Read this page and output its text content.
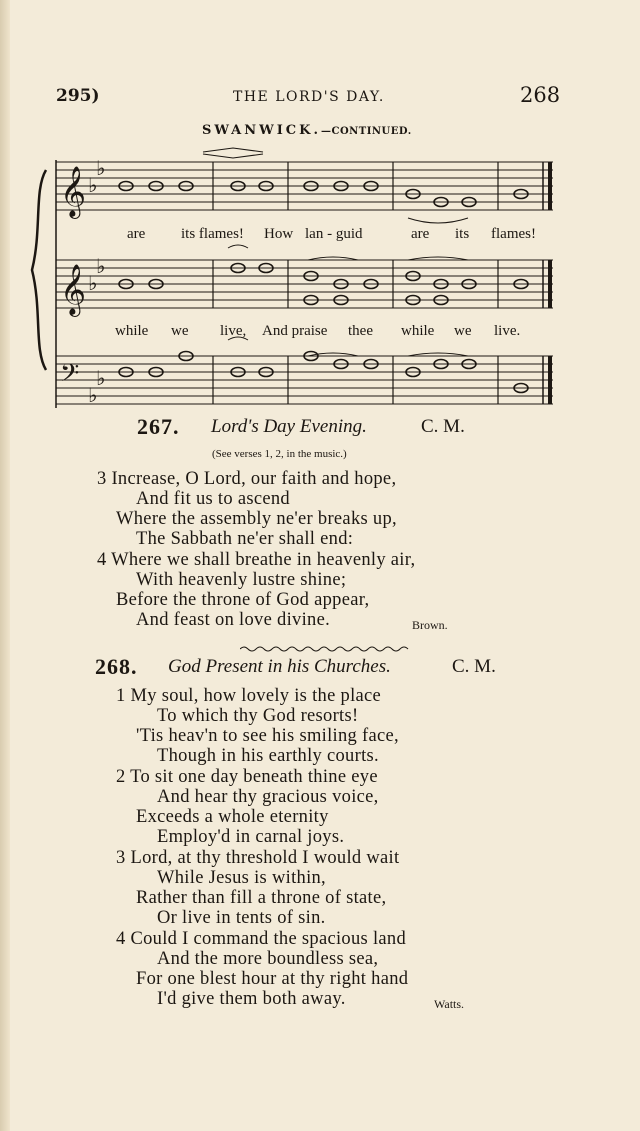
295)	THE LORD'S DAY.	268
SWANWICK.—CONTINUED.
𝄞
𝄞
𝄢
♭
♭
♭
♭
♭
♭
are its flames! How lan - guid	are its flames!
while we live, And praise thee while we live.
267. Lord's Day Evening.	C. M.
(See verses 1, 2, in the music.)
3 Increase, O Lord, our faith and hope,
And fit us to ascend
Where the assembly ne'er breaks up,
The Sabbath ne'er shall end:
4 Where we shall breathe in heavenly air,
With heavenly lustre shine;
Before the throne of God appear,
And feast on love divine.	Brown.
268. God Present in his Churches.	C. M.
1 My soul, how lovely is the place
To which thy God resorts!
'Tis heav'n to see his smiling face,
Though in his earthly courts.
2 To sit one day beneath thine eye
And hear thy gracious voice,
Exceeds a whole eternity
Employ'd in carnal joys.
3 Lord, at thy threshold I would wait
While Jesus is within,
Rather than fill a throne of state,
Or live in tents of sin.
4 Could I command the spacious land
And the more boundless sea,
For one blest hour at thy right hand
I'd give them both away.	Watts.
